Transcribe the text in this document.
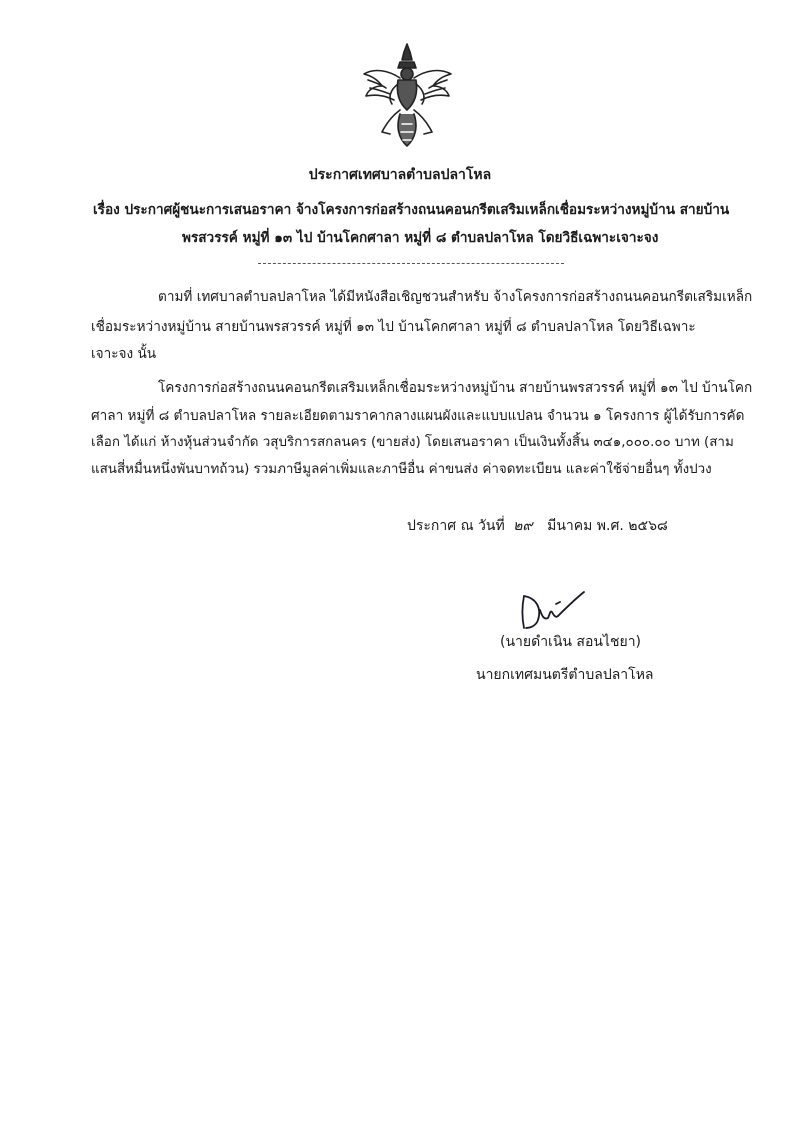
ประกาศเทศบาลตำบลปลาโหล
เรื่อง ประกาศผู้ชนะการเสนอราคา จ้างโครงการก่อสร้างถนนคอนกรีตเสริมเหล็กเชื่อมระหว่างหมู่บ้าน สายบ้าน
พรสวรรค์ หมู่ที่ ๑๓ ไป บ้านโคกศาลา หมู่ที่ ๘ ตำบลปลาโหล โดยวิธีเฉพาะเจาะจง
ตามที่ เทศบาลตำบลปลาโหล ได้มีหนังสือเชิญชวนสำหรับ จ้างโครงการก่อสร้างถนนคอนกรีตเสริมเหล็ก
เชื่อมระหว่างหมู่บ้าน สายบ้านพรสวรรค์ หมู่ที่ ๑๓ ไป บ้านโคกศาลา หมู่ที่ ๘ ตำบลปลาโหล โดยวิธีเฉพาะ
เจาะจง นั้น
โครงการก่อสร้างถนนคอนกรีตเสริมเหล็กเชื่อมระหว่างหมู่บ้าน สายบ้านพรสวรรค์ หมู่ที่ ๑๓ ไป บ้านโคก
ศาลา หมู่ที่ ๘ ตำบลปลาโหล รายละเอียดตามราคากลางแผนผังและแบบแปลน จำนวน ๑ โครงการ ผู้ได้รับการคัด
เลือก ได้แก่ ห้างหุ้นส่วนจำกัด วสุบริการสกลนคร (ขายส่ง) โดยเสนอราคา เป็นเงินทั้งสิ้น ๓๔๑,๐๐๐.๐๐ บาท (สาม
แสนสี่หมื่นหนึ่งพันบาทถ้วน) รวมภาษีมูลค่าเพิ่มและภาษีอื่น ค่าขนส่ง ค่าจดทะเบียน และค่าใช้จ่ายอื่นๆ ทั้งปวง
ประกาศ ณ วันที่ ๒๙ มีนาคม พ.ศ. ๒๕๖๘
(นายดำเนิน สอนไชยา)
นายกเทศมนตรีตำบลปลาโหล
